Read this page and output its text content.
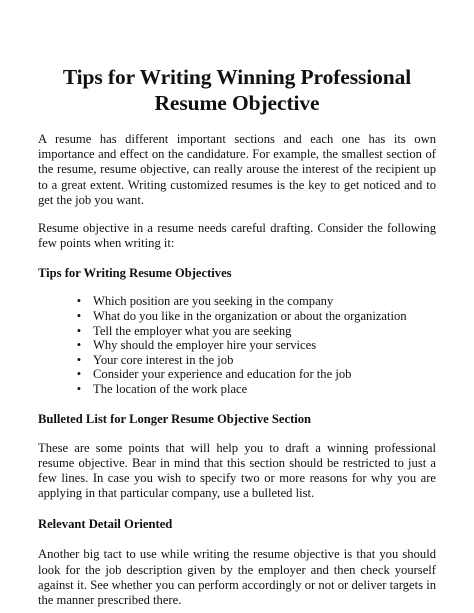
Tips for Writing Winning Professional
Resume Objective

A resume has different important sections and each one has its own importance and effect on the candidature. For example, the smallest section of the resume, resume objective, can really arouse the interest of the recipient up to a great extent. Writing customized resumes is the key to get noticed and to get the job you want.

Resume objective in a resume needs careful drafting. Consider the following few points when writing it:

Tips for Writing Resume Objectives
• Which position are you seeking in the company
• What do you like in the organization or about the organization
• Tell the employer what you are seeking
• Why should the employer hire your services
• Your core interest in the job
• Consider your experience and education for the job
• The location of the work place
Bulleted List for Longer Resume Objective Section

These are some points that will help you to draft a winning professional resume objective. Bear in mind that this section should be restricted to just a few lines. In case you wish to specify two or more reasons for why you are applying in that particular company, use a bulleted list.

Relevant Detail Oriented

Another big tact to use while writing the resume objective is that you should look for the job description given by the employer and then check yourself against it. See whether you can perform accordingly or not or deliver targets in the manner prescribed there.
